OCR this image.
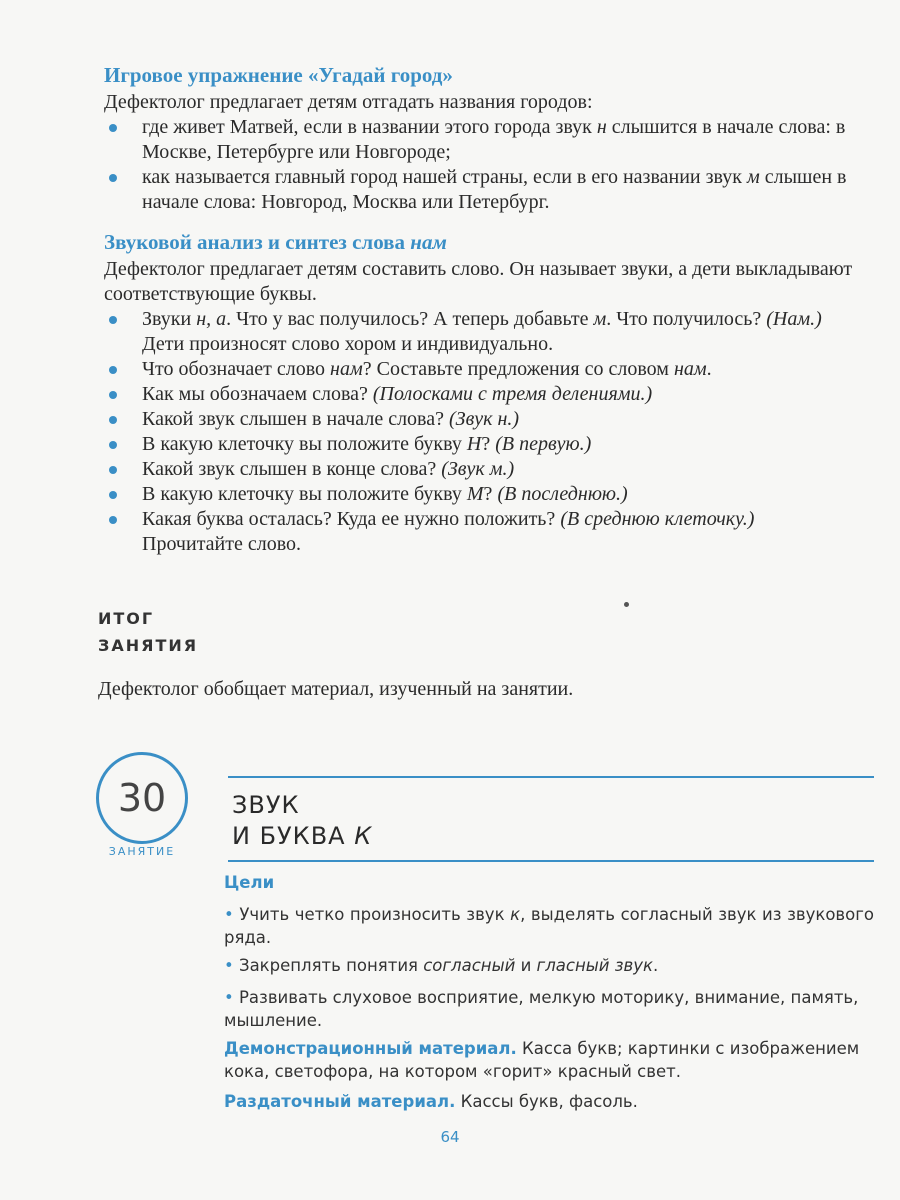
Игровое упражнение «Угадай город»
Дефектолог предлагает детям отгадать названия городов:
где живет Матвей, если в названии этого города звук н слышится в начале слова: в Москве, Петербурге или Новгороде;
как называется главный город нашей страны, если в его названии звук м слышен в начале слова: Новгород, Москва или Петербург.
Звуковой анализ и синтез слова нам
Дефектолог предлагает детям составить слово. Он называет звуки, а дети выкладывают соответствующие буквы.
Звуки н, а. Что у вас получилось? А теперь добавьте м. Что получилось? (Нам.)
Дети произносят слово хором и индивидуально.
Что обозначает слово нам? Составьте предложения со словом нам.
Как мы обозначаем слова? (Полосками с тремя делениями.)
Какой звук слышен в начале слова? (Звук н.)
В какую клеточку вы положите букву Н? (В первую.)
Какой звук слышен в конце слова? (Звук м.)
В какую клеточку вы положите букву М? (В последнюю.)
Какая буква осталась? Куда ее нужно положить? (В среднюю клеточку.)
Прочитайте слово.
ИТОГ
ЗАНЯТИЯ
Дефектолог обобщает материал, изученный на занятии.
30
ЗАНЯТИЕ
ЗВУК
И БУКВА К
Цели
• Учить четко произносить звук к, выделять согласный звук из звукового ряда.
• Закреплять понятия согласный и гласный звук.
• Развивать слуховое восприятие, мелкую моторику, внимание, память, мышление.
Демонстрационный материал. Касса букв; картинки с изображением кока, светофора, на котором «горит» красный свет.
Раздаточный материал. Кассы букв, фасоль.
64
